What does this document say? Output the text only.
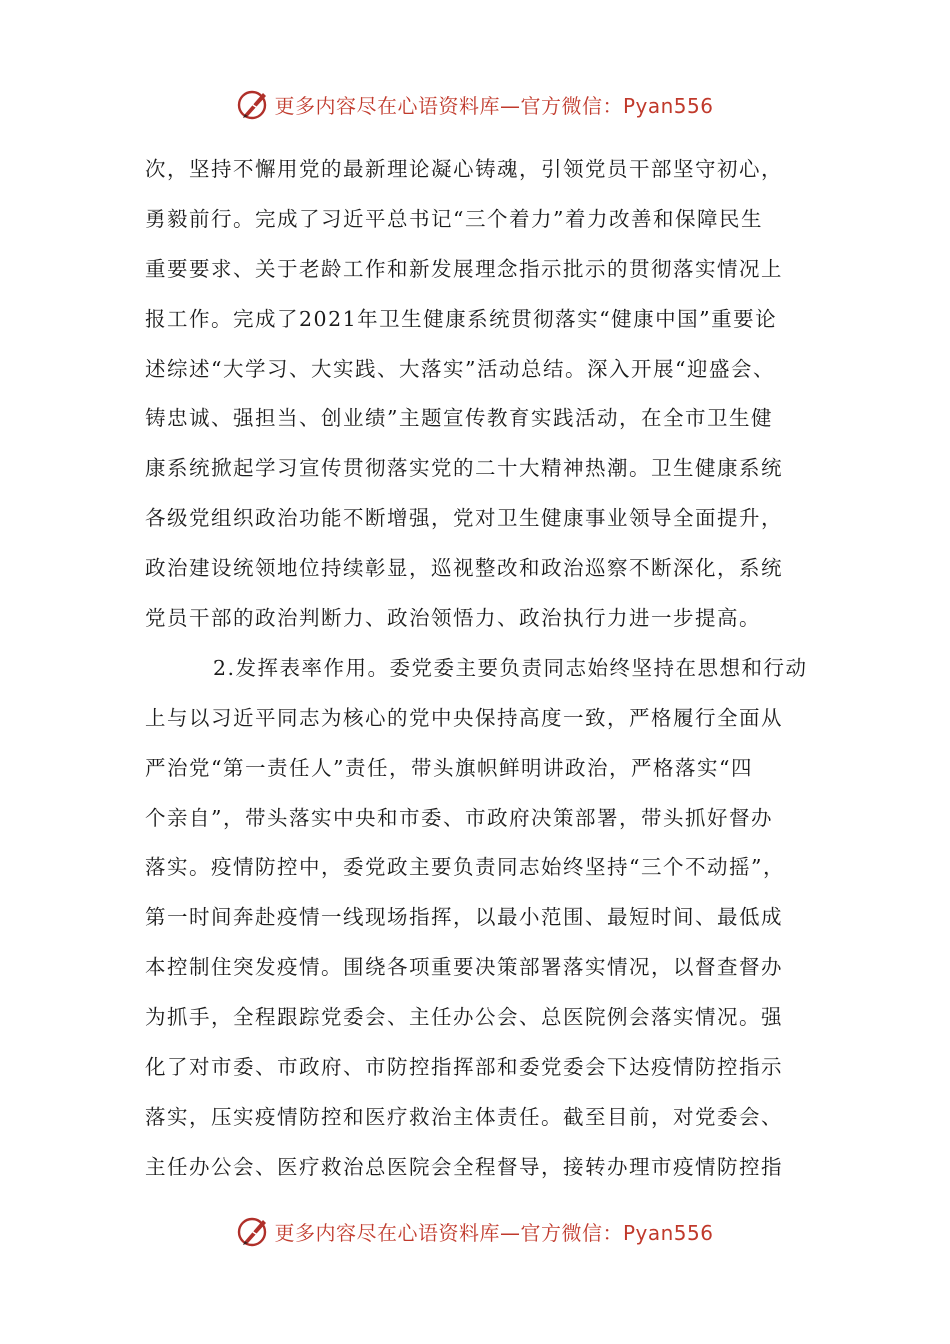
更多内容尽在心语资料库—官方微信：Pyan556
次，坚持不懈用党的最新理论凝心铸魂，引领党员干部坚守初心，
勇毅前行。完成了习近平总书记“三个着力”着力改善和保障民生
重要要求、关于老龄工作和新发展理念指示批示的贯彻落实情况上
报工作。完成了2021年卫生健康系统贯彻落实“健康中国”重要论
述综述“大学习、大实践、大落实”活动总结。深入开展“迎盛会、
铸忠诚、强担当、创业绩”主题宣传教育实践活动，在全市卫生健
康系统掀起学习宣传贯彻落实党的二十大精神热潮。卫生健康系统
各级党组织政治功能不断增强，党对卫生健康事业领导全面提升，
政治建设统领地位持续彰显，巡视整改和政治巡察不断深化，系统
党员干部的政治判断力、政治领悟力、政治执行力进一步提高。
2.发挥表率作用。委党委主要负责同志始终坚持在思想和行动
上与以习近平同志为核心的党中央保持高度一致，严格履行全面从
严治党“第一责任人”责任，带头旗帜鲜明讲政治，严格落实“四
个亲自”，带头落实中央和市委、市政府决策部署，带头抓好督办
落实。疫情防控中，委党政主要负责同志始终坚持“三个不动摇”，
第一时间奔赴疫情一线现场指挥，以最小范围、最短时间、最低成
本控制住突发疫情。围绕各项重要决策部署落实情况，以督查督办
为抓手，全程跟踪党委会、主任办公会、总医院例会落实情况。强
化了对市委、市政府、市防控指挥部和委党委会下达疫情防控指示
落实，压实疫情防控和医疗救治主体责任。截至目前，对党委会、
主任办公会、医疗救治总医院会全程督导，接转办理市疫情防控指
更多内容尽在心语资料库—官方微信：Pyan556
